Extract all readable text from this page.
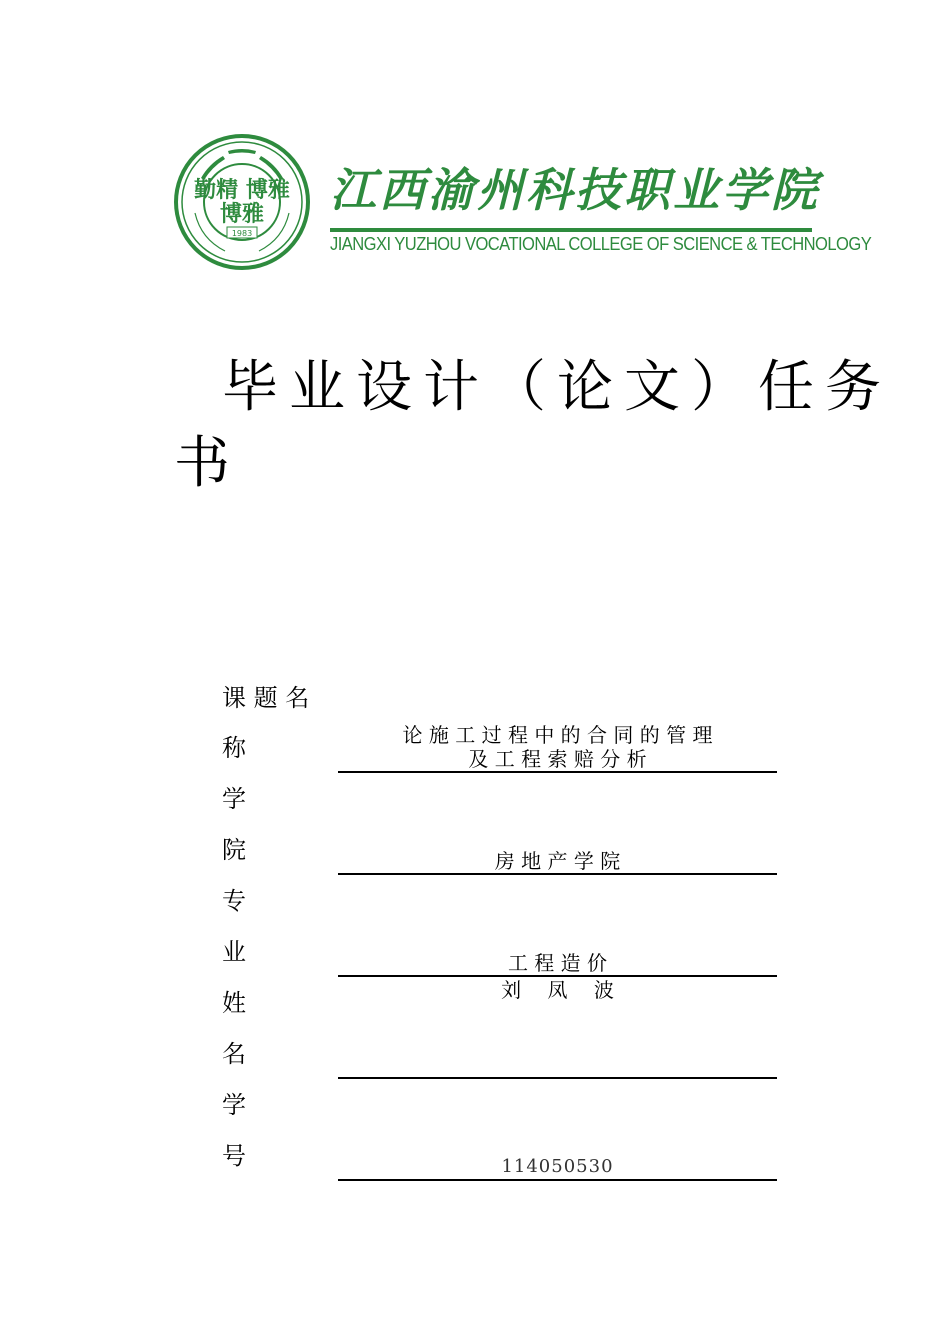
勤精 博雅
博雅
1983
江西渝州科技职业学院
JIANGXI YUZHOU VOCATIONAL COLLEGE OF SCIENCE & TECHNOLOGY
毕业设计（论文）任务
书
课 题 名
称
学
院
专
业
姓
名
学
号
论 施 工 过 程 中 的 合 同 的 管 理
及 工 程 索 赔 分 析
房 地 产 学 院
工 程 造 价
刘　 凤　 波
114050530
